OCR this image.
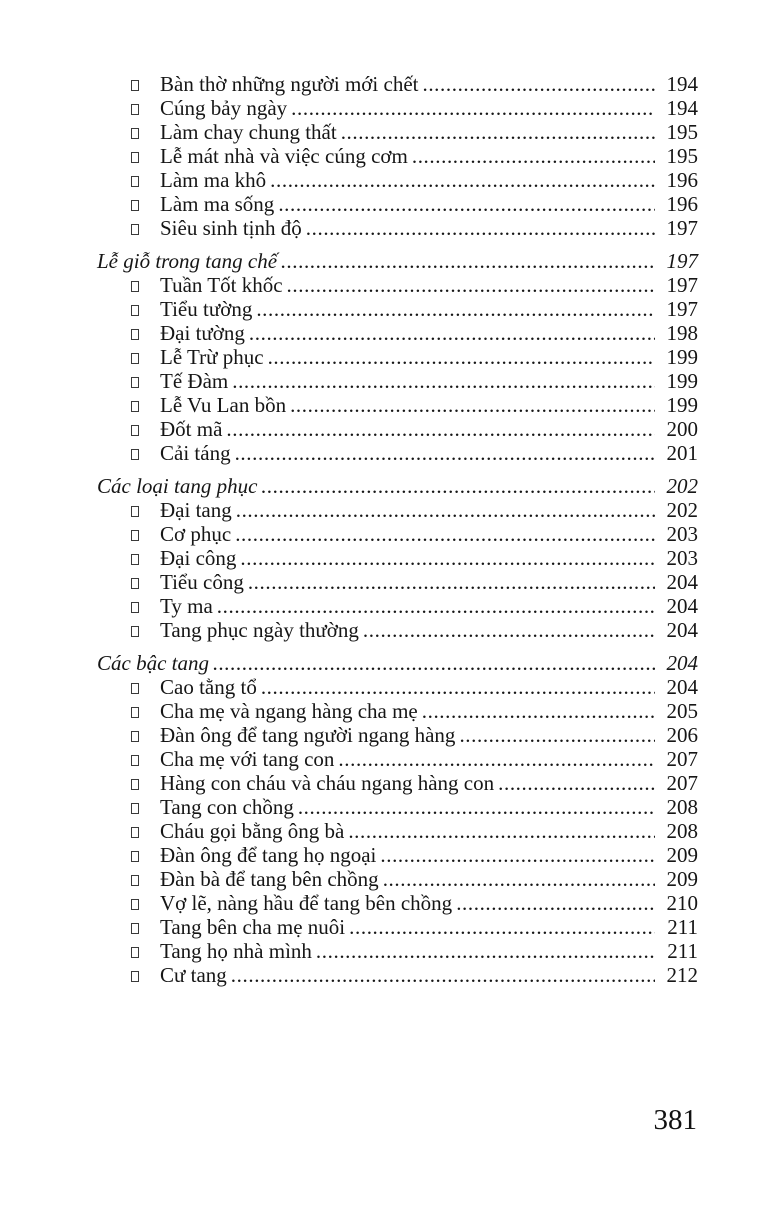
Bàn thờ những người mới chết .....	194
Cúng bảy ngày .....	194
Làm chay chung thất .....	195
Lễ mát nhà và việc cúng cơm .....	195
Làm ma khô .....	196
Làm ma sống .....	196
Siêu sinh tịnh độ .....	197
Lễ giỗ trong tang chế .....	197
Tuần Tốt khốc .....	197
Tiểu tường .....	197
Đại tường .....	198
Lễ Trừ phục .....	199
Tế Đàm .....	199
Lễ Vu Lan bồn .....	199
Đốt mã .....	200
Cải táng .....	201
Các loại tang phục .....	202
Đại tang .....	202
Cơ phục .....	203
Đại công .....	203
Tiểu công .....	204
Ty ma .....	204
Tang phục ngày thường .....	204
Các bậc tang .....	204
Cao tằng tổ .....	204
Cha mẹ và ngang hàng cha mẹ .....	205
Đàn ông để tang người ngang hàng .....	206
Cha mẹ với tang con .....	207
Hàng con cháu và cháu ngang hàng con .....	207
Tang con chồng .....	208
Cháu gọi bằng ông bà .....	208
Đàn ông để tang họ ngoại .....	209
Đàn bà để tang bên chồng .....	209
Vợ lẽ, nàng hầu để tang bên chồng .....	210
Tang bên cha mẹ nuôi .....	211
Tang họ nhà mình .....	211
Cư tang .....	212
381
